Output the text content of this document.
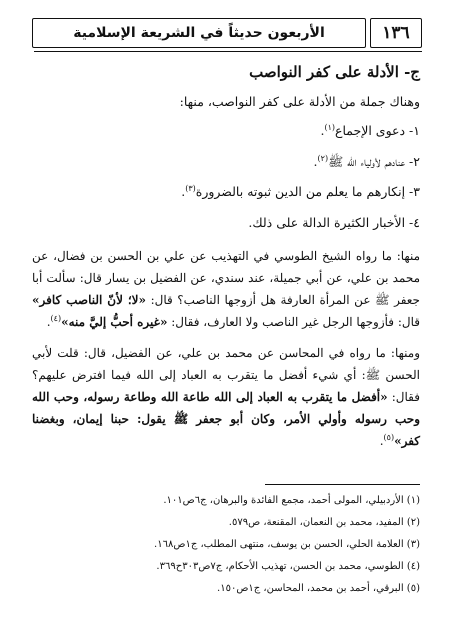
١٣٦
الأربعون حديثاً في الشريعة الإسلامية
ج- الأدلة على كفر النواصب
وهناك جملة من الأدلة على كفر النواصب، منها:
١- دعوى الإجماع$^{(١)}$.
٢- عنادهم لأولياء الله ﷺ$^{(٢)}$.
٣- إنكارهم ما يعلم من الدين ثبوته بالضرورة$^{(٣)}$.
٤- الأخبار الكثيرة الدالة على ذلك.
منها: ما رواه الشيخ الطوسي في التهذيب عن علي بن الحسن بن فضال، عن محمد بن علي، عن أبي جميلة، عند سندي، عن الفضيل بن يسار قال: سألت أبا جعفر ﷺ عن المرأة العارفة هل أزوجها الناصب؟ قال: «لا؛ لأنّ الناصب كافر» قال: فأزوجها الرجل غير الناصب ولا العارف، فقال: «غيره أحبُّ إليَّ منه»$^{(٤)}$.
ومنها: ما رواه في المحاسن عن محمد بن علي، عن الفضيل، قال: قلت لأبي الحسن ﷺ: أي شيء أفضل ما يتقرب به العباد إلى الله فيما افترض عليهم؟ فقال: «أفضل ما يتقرب به العباد إلى الله طاعة الله وطاعة رسوله، وحب الله وحب رسوله وأولي الأمر، وكان أبو جعفر ﷺ يقول: حبنا إيمان، وبغضنا كفر»$^{(٥)}$.
(١) الأردبيلي، المولى أحمد، مجمع الفائدة والبرهان، ج٦ص١٠١.
(٢) المفيد، محمد بن النعمان، المقنعة، ص٥٧٩.
(٣) العلامة الحلي، الحسن بن يوسف، منتهى المطلب، ج١ص١٦٨.
(٤) الطوسي، محمد بن الحسن، تهذيب الأحكام، ج٧ص٣٠٣ح٣٦٩.
(٥) البرقي، أحمد بن محمد، المحاسن، ج١ص١٥٠.
